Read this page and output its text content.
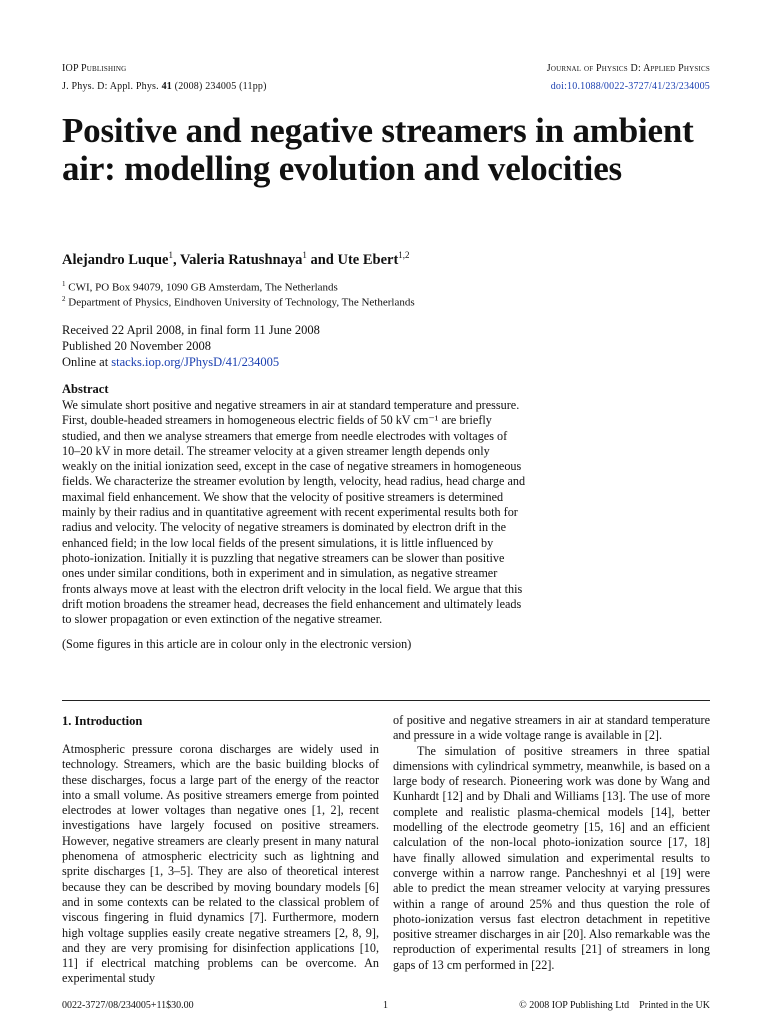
IOP Publishing	Journal of Physics D: Applied Physics
J. Phys. D: Appl. Phys. 41 (2008) 234005 (11pp)	doi:10.1088/0022-3727/41/23/234005
Positive and negative streamers in ambient air: modelling evolution and velocities
Alejandro Luque$^1$, Valeria Ratushnaya$^1$ and Ute Ebert$^{1,2}$
$^1$ CWI, PO Box 94079, 1090 GB Amsterdam, The Netherlands
$^2$ Department of Physics, Eindhoven University of Technology, The Netherlands
Received 22 April 2008, in final form 11 June 2008
Published 20 November 2008
Online at stacks.iop.org/JPhysD/41/234005
Abstract
We simulate short positive and negative streamers in air at standard temperature and pressure.
First, double-headed streamers in homogeneous electric fields of 50 kV cm⁻¹ are briefly
studied, and then we analyse streamers that emerge from needle electrodes with voltages of
10–20 kV in more detail. The streamer velocity at a given streamer length depends only
weakly on the initial ionization seed, except in the case of negative streamers in homogeneous
fields. We characterize the streamer evolution by length, velocity, head radius, head charge and
maximal field enhancement. We show that the velocity of positive streamers is determined
mainly by their radius and in quantitative agreement with recent experimental results both for
radius and velocity. The velocity of negative streamers is dominated by electron drift in the
enhanced field; in the low local fields of the present simulations, it is little influenced by
photo-ionization. Initially it is puzzling that negative streamers can be slower than positive
ones under similar conditions, both in experiment and in simulation, as negative streamer
fronts always move at least with the electron drift velocity in the local field. We argue that this
drift motion broadens the streamer head, decreases the field enhancement and ultimately leads
to slower propagation or even extinction of the negative streamer.
(Some figures in this article are in colour only in the electronic version)
1. Introduction

Atmospheric pressure corona discharges are widely used in technology. Streamers, which are the basic building blocks of these discharges, focus a large part of the energy of the reactor into a small volume. As positive streamers emerge from pointed electrodes at lower voltages than negative ones [1, 2], recent investigations have largely focused on positive streamers. However, negative streamers are clearly present in many natural phenomena of atmospheric electricity such as lightning and sprite discharges [1, 3–5]. They are also of theoretical interest because they can be described by moving boundary models [6] and in some contexts can be related to the classical problem of viscous fingering in fluid dynamics [7]. Furthermore, modern high voltage supplies easily create negative streamers [2, 8, 9], and they are very promising for disinfection applications [10, 11] if electrical matching problems can be overcome. An experimental study

of positive and negative streamers in air at standard temperature and pressure in a wide voltage range is available in [2].

The simulation of positive streamers in three spatial dimensions with cylindrical symmetry, meanwhile, is based on a large body of research. Pioneering work was done by Wang and Kunhardt [12] and by Dhali and Williams [13]. The use of more complete and realistic plasma-chemical models [14], better modelling of the electrode geometry [15, 16] and an efficient calculation of the non-local photo-ionization source [17, 18] have finally allowed simulation and experimental results to converge within a narrow range. Pancheshnyi et al [19] were able to predict the mean streamer velocity at varying pressures within a range of around 25% and thus question the role of photo-ionization versus fast electron detachment in repetitive positive streamer discharges in air [20]. Also remarkable was the reproduction of experimental results [21] of streamers in long gaps of 13 cm performed in [22].

0022-3727/08/234005+11$30.00	1	© 2008 IOP Publishing Ltd    Printed in the UK
